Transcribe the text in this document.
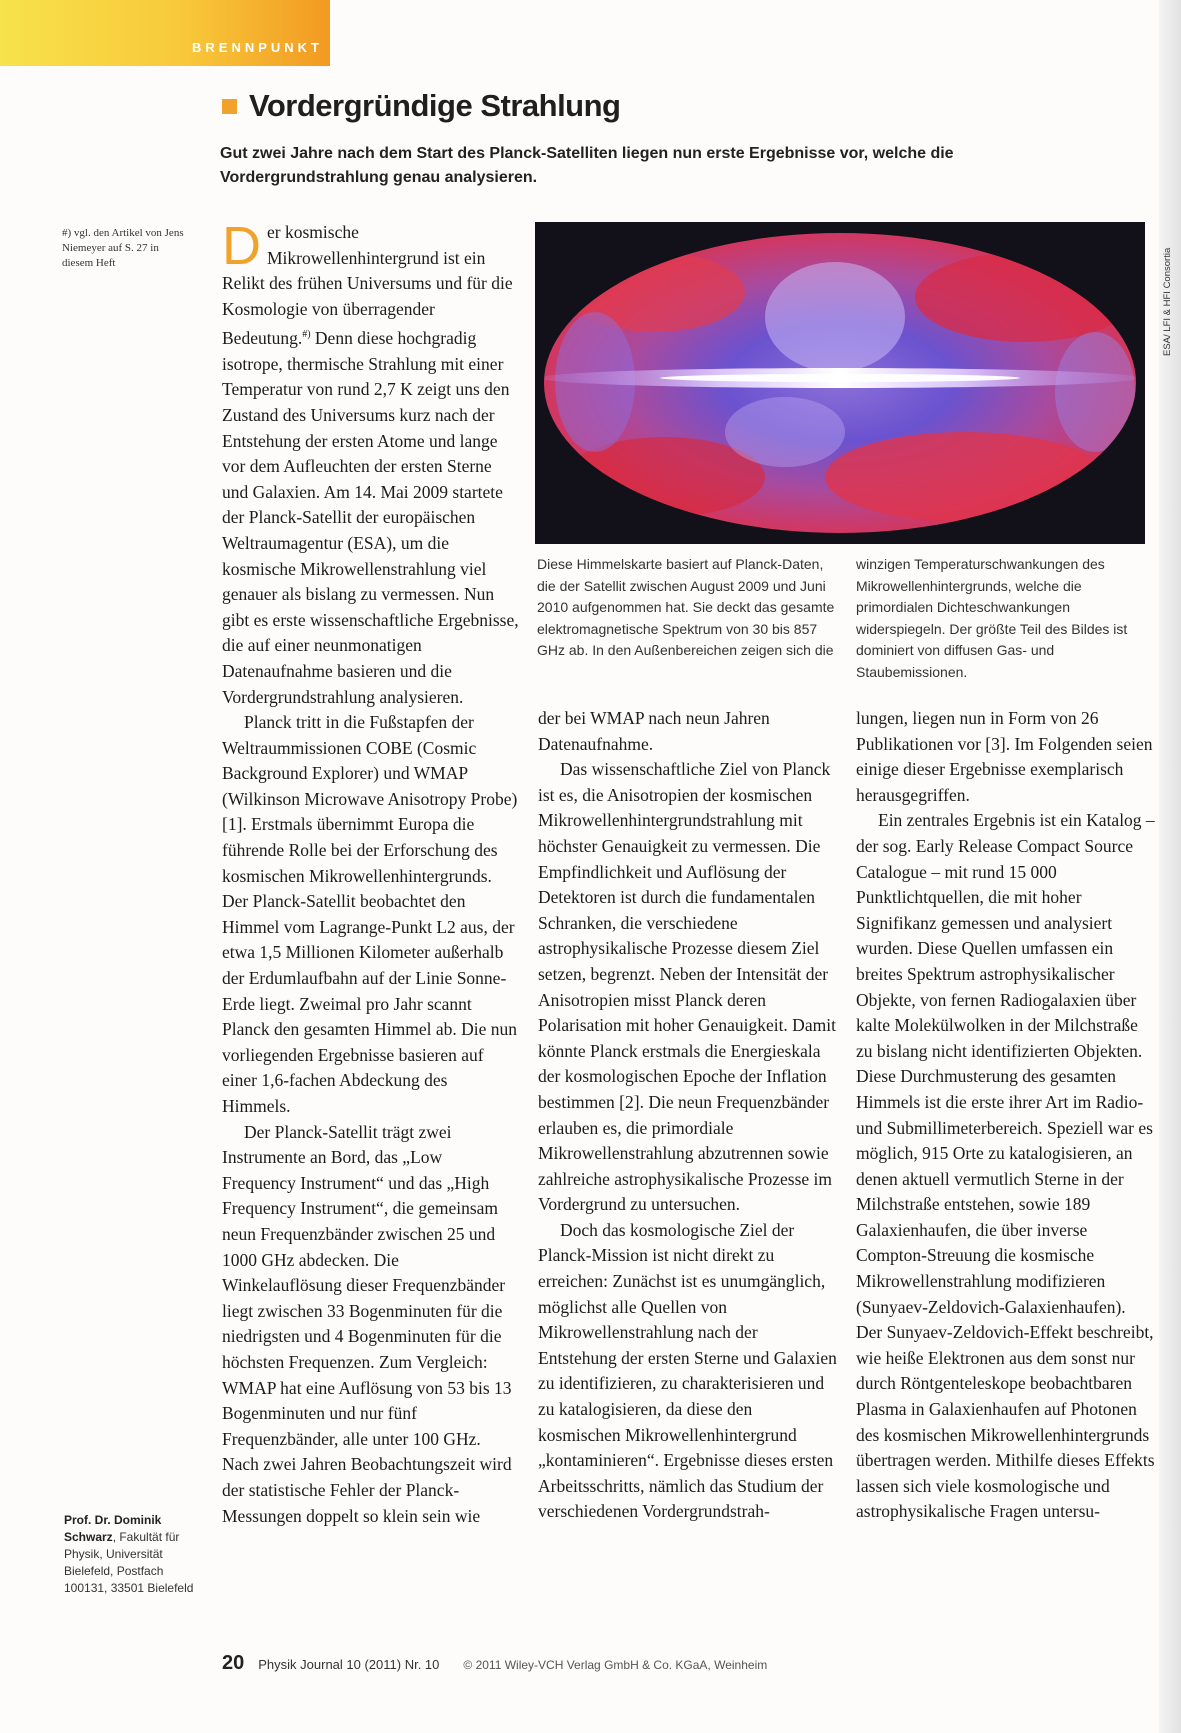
BRENNPUNKT
Vordergründige Strahlung
Gut zwei Jahre nach dem Start des Planck-Satelliten liegen nun erste Ergebnisse vor, welche die Vordergrundstrahlung genau analysieren.
#) vgl. den Artikel von Jens Niemeyer auf S. 27 in diesem Heft
Prof. Dr. Dominik Schwarz, Fakultät für Physik, Universität Bielefeld, Postfach 100131, 33501 Bielefeld

Der kosmische Mikrowellenhintergrund ist ein Relikt des frühen Universums und für die Kosmologie von überragender Bedeutung.#) Denn diese hochgradig isotrope, thermische Strahlung mit einer Temperatur von rund 2,7 K zeigt uns den Zustand des Universums kurz nach der Entstehung der ersten Atome und lange vor dem Aufleuchten der ersten Sterne und Galaxien. Am 14. Mai 2009 startete der Planck-Satellit der europäischen Weltraumagentur (ESA), um die kosmische Mikrowellenstrahlung viel genauer als bislang zu vermessen. Nun gibt es erste wissenschaftliche Ergebnisse, die auf einer neunmonatigen Datenaufnahme basieren und die Vordergrundstrahlung analysieren.

Planck tritt in die Fußstapfen der Weltraummissionen COBE (Cosmic Background Explorer) und WMAP (Wilkinson Microwave Anisotropy Probe) [1]. Erstmals übernimmt Europa die führende Rolle bei der Erforschung des kosmischen Mikrowellenhintergrunds. Der Planck-Satellit beobachtet den Himmel vom Lagrange-Punkt L2 aus, der etwa 1,5 Millionen Kilometer außerhalb der Erdumlaufbahn auf der Linie Sonne-Erde liegt. Zweimal pro Jahr scannt Planck den gesamten Himmel ab. Die nun vorliegenden Ergebnisse basieren auf einer 1,6-fachen Abdeckung des Himmels.

Der Planck-Satellit trägt zwei Instrumente an Bord, das „Low Frequency Instrument“ und das „High Frequency Instrument“, die gemeinsam neun Frequenzbänder zwischen 25 und 1000 GHz abdecken. Die Winkelauflösung dieser Frequenzbänder liegt zwischen 33 Bogenminuten für die niedrigsten und 4 Bogenminuten für die höchsten Frequenzen. Zum Vergleich: WMAP hat eine Auflösung von 53 bis 13 Bogenminuten und nur fünf Frequenzbänder, alle unter 100 GHz. Nach zwei Jahren Beobachtungszeit wird der statistische Fehler der Planck-Messungen doppelt so klein sein wie

ESA/ LFI & HFI Consortia
Diese Himmelskarte basiert auf Planck-Daten, die der Satellit zwischen August 2009 und Juni 2010 aufgenommen hat. Sie deckt das gesamte elektromagnetische Spektrum von 30 bis 857 GHz ab. In den Außenbereichen zeigen sich die
winzigen Temperaturschwankungen des Mikrowellenhintergrunds, welche die primordialen Dichteschwankungen widerspiegeln. Der größte Teil des Bildes ist dominiert von diffusen Gas- und Staubemissionen.

der bei WMAP nach neun Jahren Datenaufnahme.

Das wissenschaftliche Ziel von Planck ist es, die Anisotropien der kosmischen Mikrowellenhintergrundstrahlung mit höchster Genauigkeit zu vermessen. Die Empfindlichkeit und Auflösung der Detektoren ist durch die fundamentalen Schranken, die verschiedene astrophysikalische Prozesse diesem Ziel setzen, begrenzt. Neben der Intensität der Anisotropien misst Planck deren Polarisation mit hoher Genauigkeit. Damit könnte Planck erstmals die Energieskala der kosmologischen Epoche der Inflation bestimmen [2]. Die neun Frequenzbänder erlauben es, die primordiale Mikrowellenstrahlung abzutrennen sowie zahlreiche astrophysikalische Prozesse im Vordergrund zu untersuchen.

Doch das kosmologische Ziel der Planck-Mission ist nicht direkt zu erreichen: Zunächst ist es unumgänglich, möglichst alle Quellen von Mikrowellenstrahlung nach der Entstehung der ersten Sterne und Galaxien zu identifizieren, zu charakterisieren und zu katalogisieren, da diese den kosmischen Mikrowellenhintergrund „kontaminieren“. Ergebnisse dieses ersten Arbeitsschritts, nämlich das Studium der verschiedenen Vordergrundstrah-

lungen, liegen nun in Form von 26 Publikationen vor [3]. Im Folgenden seien einige dieser Ergebnisse exemplarisch herausgegriffen.

Ein zentrales Ergebnis ist ein Katalog – der sog. Early Release Compact Source Catalogue – mit rund 15 000 Punktlichtquellen, die mit hoher Signifikanz gemessen und analysiert wurden. Diese Quellen umfassen ein breites Spektrum astrophysikalischer Objekte, von fernen Radiogalaxien über kalte Molekülwolken in der Milchstraße zu bislang nicht identifizierten Objekten. Diese Durchmusterung des gesamten Himmels ist die erste ihrer Art im Radio- und Submillimeterbereich. Speziell war es möglich, 915 Orte zu katalogisieren, an denen aktuell vermutlich Sterne in der Milchstraße entstehen, sowie 189 Galaxienhaufen, die über inverse Compton-Streuung die kosmische Mikrowellenstrahlung modifizieren (Sunyaev-Zeldovich-Galaxienhaufen). Der Sunyaev-Zeldovich-Effekt beschreibt, wie heiße Elektronen aus dem sonst nur durch Röntgenteleskope beobachtbaren Plasma in Galaxienhaufen auf Photonen des kosmischen Mikrowellenhintergrunds übertragen werden. Mithilfe dieses Effekts lassen sich viele kosmologische und astrophysikalische Fragen untersu-

20 Physik Journal 10 (2011) Nr. 10 © 2011 Wiley-VCH Verlag GmbH & Co. KGaA, Weinheim
